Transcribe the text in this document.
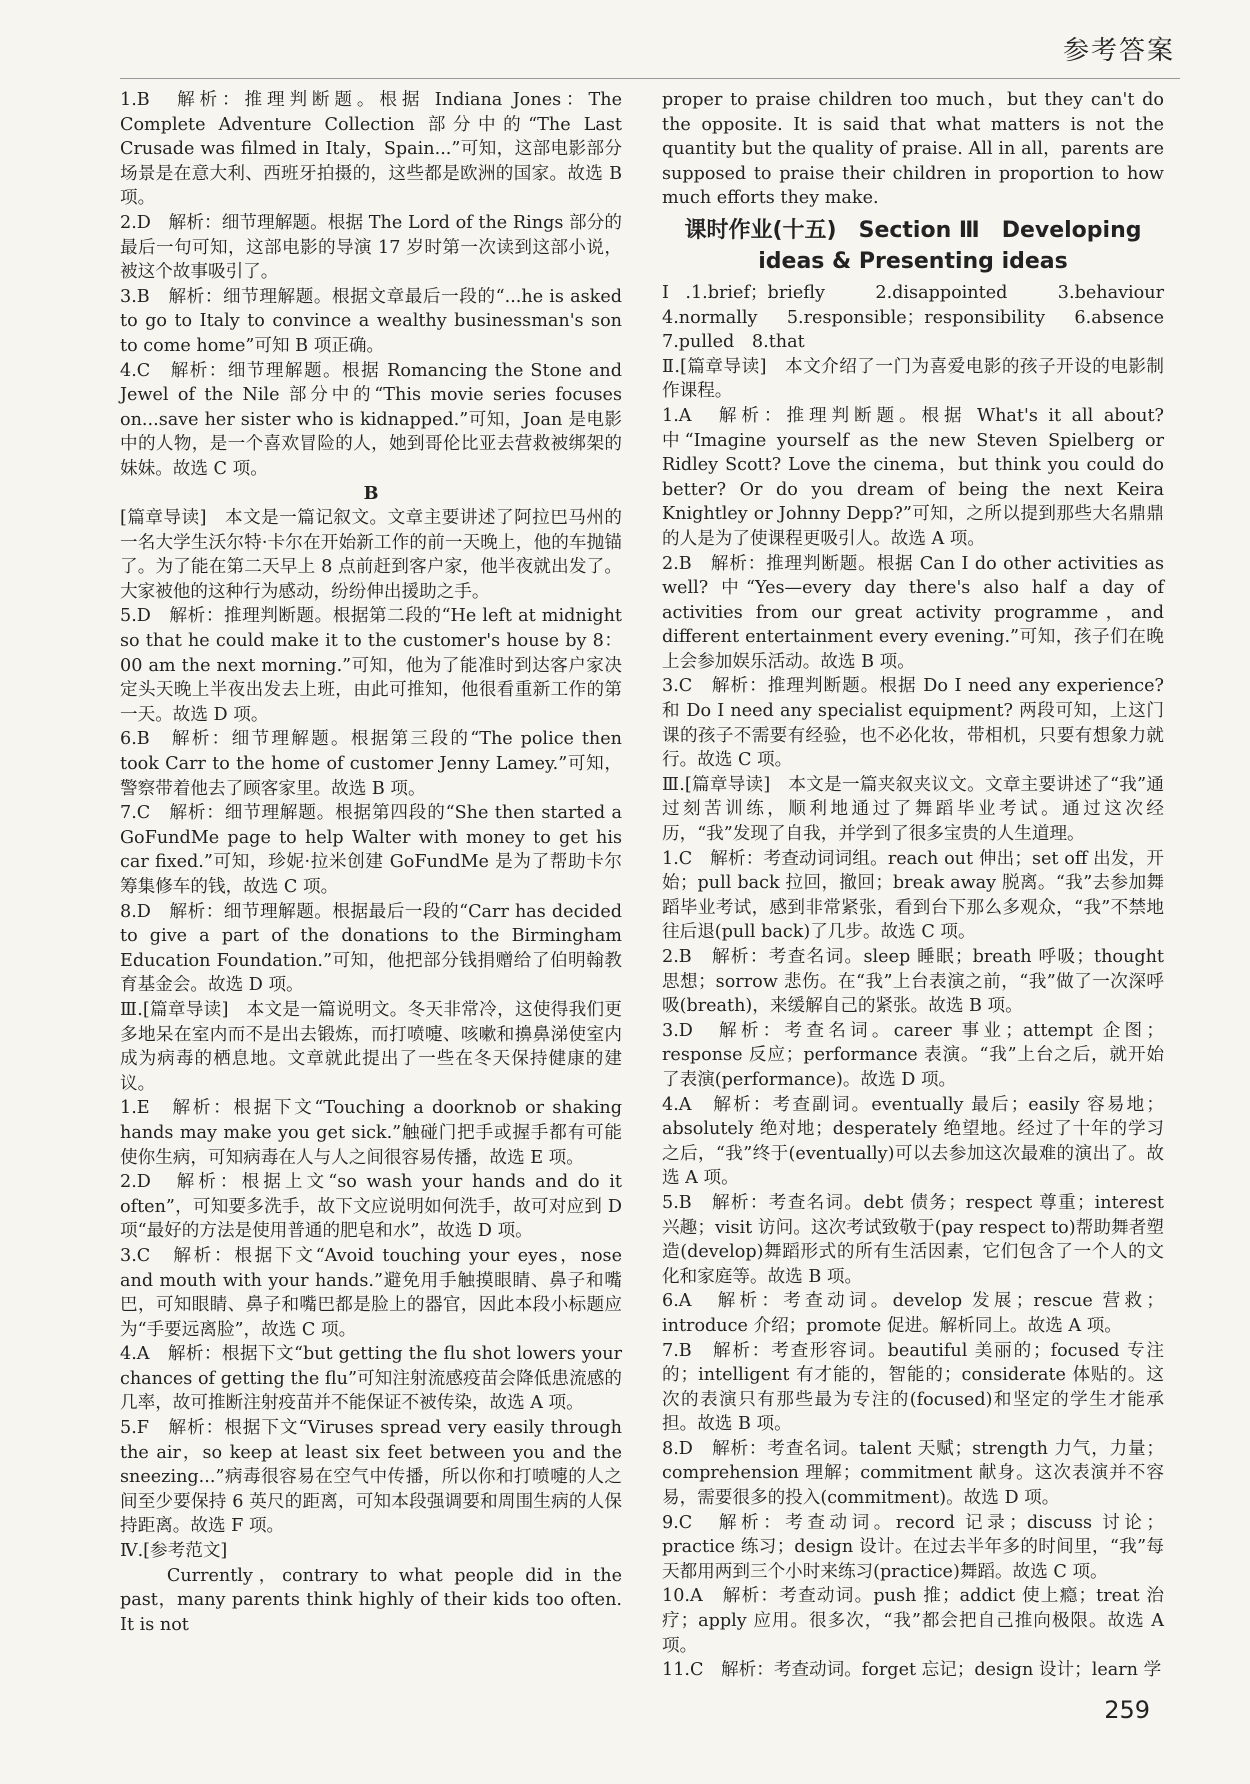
参考答案

1.B　解析：推理判断题。根据 Indiana Jones：The Complete Adventure Collection 部分中的“The Last Crusade was filmed in Italy，Spain...”可知，这部电影部分场景是在意大利、西班牙拍摄的，这些都是欧洲的国家。故选 B 项。

2.D　解析：细节理解题。根据 The Lord of the Rings 部分的最后一句可知，这部电影的导演 17 岁时第一次读到这部小说，被这个故事吸引了。

3.B　解析：细节理解题。根据文章最后一段的“...he is asked to go to Italy to convince a wealthy businessman's son to come home”可知 B 项正确。

4.C　解析：细节理解题。根据 Romancing the Stone and Jewel of the Nile 部分中的“This movie series focuses on...save her sister who is kidnapped.”可知，Joan 是电影中的人物，是一个喜欢冒险的人，她到哥伦比亚去营救被绑架的妹妹。故选 C 项。

B

[篇章导读]　本文是一篇记叙文。文章主要讲述了阿拉巴马州的一名大学生沃尔特·卡尔在开始新工作的前一天晚上，他的车抛锚了。为了能在第二天早上 8 点前赶到客户家，他半夜就出发了。大家被他的这种行为感动，纷纷伸出援助之手。

5.D　解析：推理判断题。根据第二段的“He left at midnight so that he could make it to the customer's house by 8：00 am the next morning.”可知，他为了能准时到达客户家决定头天晚上半夜出发去上班，由此可推知，他很看重新工作的第一天。故选 D 项。

6.B　解析：细节理解题。根据第三段的“The police then took Carr to the home of customer Jenny Lamey.”可知，警察带着他去了顾客家里。故选 B 项。

7.C　解析：细节理解题。根据第四段的“She then started a GoFundMe page to help Walter with money to get his car fixed.”可知，珍妮·拉米创建 GoFundMe 是为了帮助卡尔筹集修车的钱，故选 C 项。

8.D　解析：细节理解题。根据最后一段的“Carr has decided to give a part of the donations to the Birmingham Education Foundation.”可知，他把部分钱捐赠给了伯明翰教育基金会。故选 D 项。

Ⅲ.[篇章导读]　本文是一篇说明文。冬天非常冷，这使得我们更多地呆在室内而不是出去锻炼，而打喷嚏、咳嗽和擤鼻涕使室内成为病毒的栖息地。文章就此提出了一些在冬天保持健康的建议。

1.E　解析：根据下文“Touching a doorknob or shaking hands may make you get sick.”触碰门把手或握手都有可能使你生病，可知病毒在人与人之间很容易传播，故选 E 项。

2.D　解析：根据上文“so wash your hands and do it often”，可知要多洗手，故下文应说明如何洗手，故可对应到 D 项“最好的方法是使用普通的肥皂和水”，故选 D 项。

3.C　解析：根据下文“Avoid touching your eyes，nose and mouth with your hands.”避免用手触摸眼睛、鼻子和嘴巴，可知眼睛、鼻子和嘴巴都是脸上的器官，因此本段小标题应为“手要远离脸”，故选 C 项。

4.A　解析：根据下文“but getting the flu shot lowers your chances of getting the flu”可知注射流感疫苗会降低患流感的几率，故可推断注射疫苗并不能保证不被传染，故选 A 项。

5.F　解析：根据下文“Viruses spread very easily through the air，so keep at least six feet between you and the sneezing...”病毒很容易在空气中传播，所以你和打喷嚏的人之间至少要保持 6 英尺的距离，可知本段强调要和周围生病的人保持距离。故选 F 项。

Ⅳ.[参考范文]

　　Currently，contrary to what people did in the past，many parents think highly of their kids too often. It is not

proper to praise children too much，but they can't do the opposite. It is said that what matters is not the quantity but the quality of praise. All in all，parents are supposed to praise their children in proportion to how much efforts they make.

课时作业(十五)　Section Ⅲ　Developing ideas & Presenting ideas

Ⅰ.1.brief；briefly　2.disappointed　3.behaviour 4.normally　5.responsible；responsibility　6.absence 7.pulled　8.that

Ⅱ.[篇章导读]　本文介绍了一门为喜爱电影的孩子开设的电影制作课程。

1.A　解析：推理判断题。根据 What's it all about? 中“Imagine yourself as the new Steven Spielberg or Ridley Scott? Love the cinema，but think you could do better? Or do you dream of being the next Keira Knightley or Johnny Depp?”可知，之所以提到那些大名鼎鼎的人是为了使课程更吸引人。故选 A 项。

2.B　解析：推理判断题。根据 Can I do other activities as well? 中“Yes—every day there's also half a day of activities from our great activity programme，and different entertainment every evening.”可知，孩子们在晚上会参加娱乐活动。故选 B 项。

3.C　解析：推理判断题。根据 Do I need any experience? 和 Do I need any specialist equipment? 两段可知，上这门课的孩子不需要有经验，也不必化妆，带相机，只要有想象力就行。故选 C 项。

Ⅲ.[篇章导读]　本文是一篇夹叙夹议文。文章主要讲述了“我”通过刻苦训练，顺利地通过了舞蹈毕业考试。通过这次经历，“我”发现了自我，并学到了很多宝贵的人生道理。

1.C　解析：考查动词词组。reach out 伸出；set off 出发，开始；pull back 拉回，撤回；break away 脱离。“我”去参加舞蹈毕业考试，感到非常紧张，看到台下那么多观众，“我”不禁地往后退(pull back)了几步。故选 C 项。

2.B　解析：考查名词。sleep 睡眠；breath 呼吸；thought 思想；sorrow 悲伤。在“我”上台表演之前，“我”做了一次深呼吸(breath)，来缓解自己的紧张。故选 B 项。

3.D　解析：考查名词。career 事业；attempt 企图；response 反应；performance 表演。“我”上台之后，就开始了表演(performance)。故选 D 项。

4.A　解析：考查副词。eventually 最后；easily 容易地；absolutely 绝对地；desperately 绝望地。经过了十年的学习之后，“我”终于(eventually)可以去参加这次最难的演出了。故选 A 项。

5.B　解析：考查名词。debt 债务；respect 尊重；interest 兴趣；visit 访问。这次考试致敬于(pay respect to)帮助舞者塑造(develop)舞蹈形式的所有生活因素，它们包含了一个人的文化和家庭等。故选 B 项。

6.A　解析：考查动词。develop 发展；rescue 营救；introduce 介绍；promote 促进。解析同上。故选 A 项。

7.B　解析：考查形容词。beautiful 美丽的；focused 专注的；intelligent 有才能的，智能的；considerate 体贴的。这次的表演只有那些最为专注的(focused)和坚定的学生才能承担。故选 B 项。

8.D　解析：考查名词。talent 天赋；strength 力气，力量；comprehension 理解；commitment 献身。这次表演并不容易，需要很多的投入(commitment)。故选 D 项。

9.C　解析：考查动词。record 记录；discuss 讨论；practice 练习；design 设计。在过去半年多的时间里，“我”每天都用两到三个小时来练习(practice)舞蹈。故选 C 项。

10.A　解析：考查动词。push 推；addict 使上瘾；treat 治疗；apply 应用。很多次，“我”都会把自己推向极限。故选 A 项。

11.C　解析：考查动词。forget 忘记；design 设计；learn 学

259
